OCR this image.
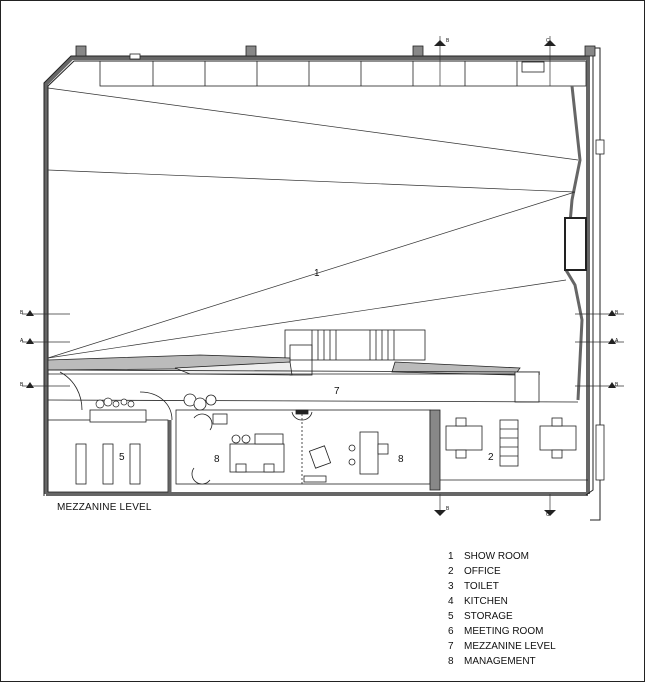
B	C
B
C
B
A
B
B
A
B
1
7
5	8	8	2
MEZZANINE LEVEL
1 SHOW ROOM
2 OFFICE
3 TOILET
4 KITCHEN
5 STORAGE
6 MEETING ROOM
7 MEZZANINE LEVEL
8 MANAGEMENT
